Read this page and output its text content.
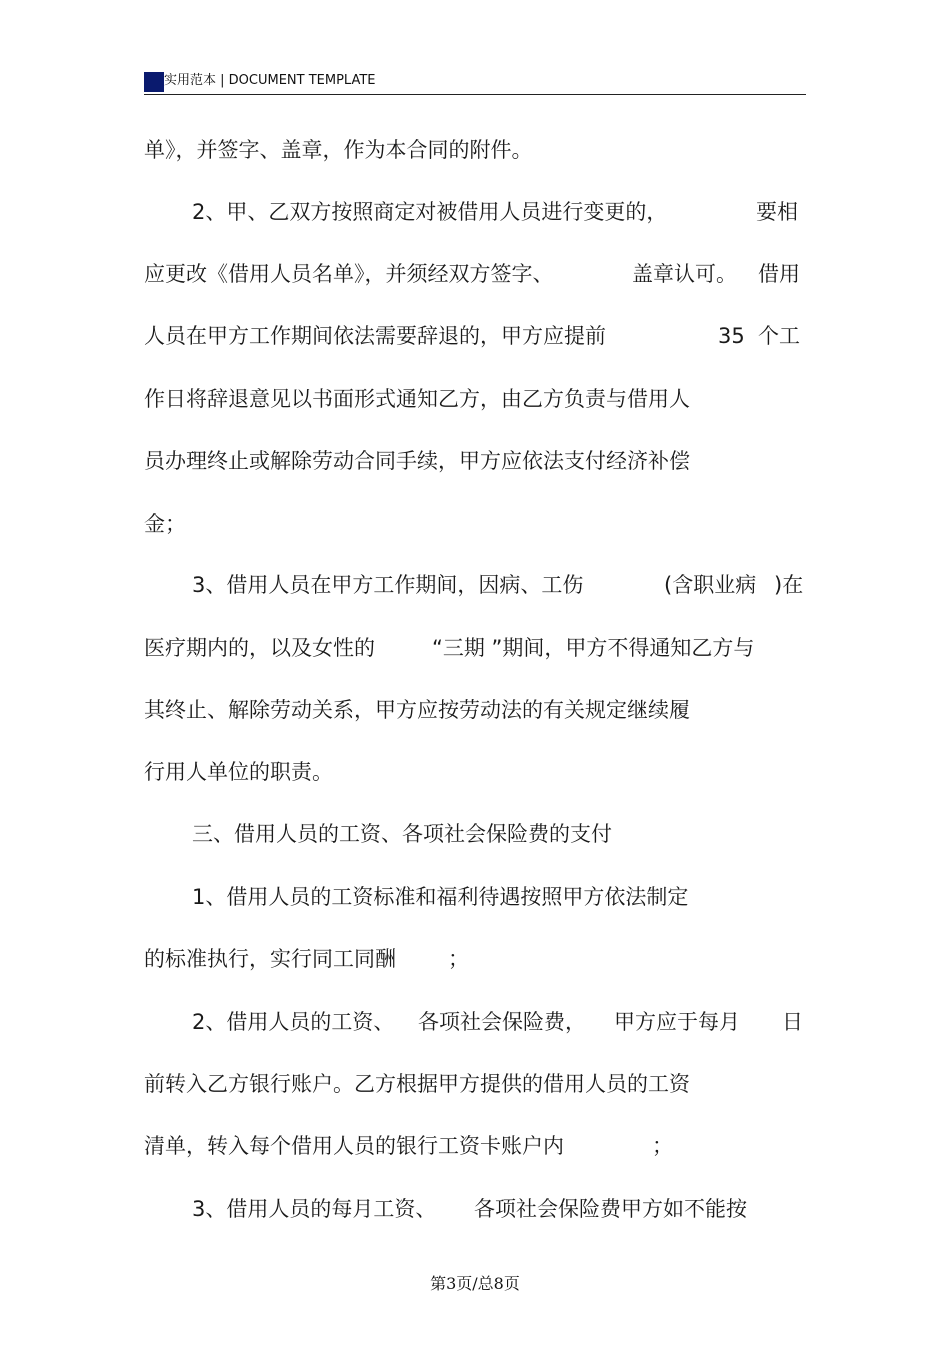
实用范本 | DOCUMENT TEMPLATE
单》，并签字、盖章，作为本合同的附件。
2、甲、乙双方按照商定对被借用人员进行变更的，	要相
应更改《借用人员名单》，并须经双方签字、	盖章认可。 借用
人员在甲方工作期间依法需要辞退的，甲方应提前	35 个工
作日将辞退意见以书面形式通知乙方，由乙方负责与借用人
员办理终止或解除劳动合同手续，甲方应依法支付经济补偿
金；
3、借用人员在甲方工作期间，因病、工伤	(含职业病 )在
医疗期内的，以及女性的	“三期 ”期间，甲方不得通知乙方与
其终止、解除劳动关系，甲方应按劳动法的有关规定继续履
行用人单位的职责。
三、借用人员的工资、各项社会保险费的支付
1、借用人员的工资标准和福利待遇按照甲方依法制定
的标准执行，实行同工同酬 ；
2、借用人员的工资、 各项社会保险费， 甲方应于每月 日
前转入乙方银行账户。乙方根据甲方提供的借用人员的工资
清单，转入每个借用人员的银行工资卡账户内	；
3、借用人员的每月工资、 各项社会保险费甲方如不能按
第3页/总8页
